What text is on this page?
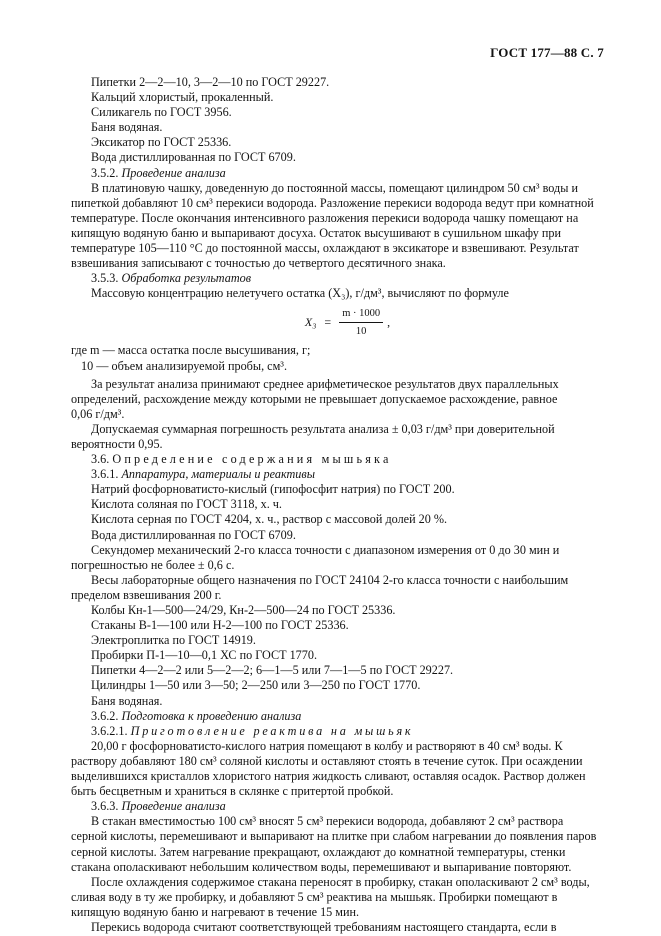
ГОСТ 177—88 С. 7
Пипетки 2—2—10, 3—2—10 по ГОСТ 29227.
Кальций хлористый, прокаленный.
Силикагель по ГОСТ 3956.
Баня водяная.
Эксикатор по ГОСТ 25336.
Вода дистиллированная по ГОСТ 6709.
3.5.2. Проведение анализа
В платиновую чашку, доведенную до постоянной массы, помещают цилиндром 50 см³ воды и
пипеткой добавляют 10 см³ перекиси водорода. Разложение перекиси водорода ведут при комнатной
температуре. После окончания интенсивного разложения перекиси водорода чашку помещают на
кипящую водяную баню и выпаривают досуха. Остаток высушивают в сушильном шкафу при
температуре 105—110 °С до постоянной массы, охлаждают в эксикаторе и взвешивают. Результат
взвешивания записывают с точностью до четвертого десятичного знака.
3.5.3. Обработка результатов
Массовую концентрацию нелетучего остатка (X₃), г/дм³, вычисляют по формуле
$X_3 = \frac{m \cdot 1000}{10}$ ,
где m — масса остатка после высушивания, г;
10 — объем анализируемой пробы, см³.
За результат анализа принимают среднее арифметическое результатов двух параллельных
определений, расхождение между которыми не превышает допускаемое расхождение, равное
0,06 г/дм³.
Допускаемая суммарная погрешность результата анализа ± 0,03 г/дм³ при доверительной
вероятности 0,95.
3.6. Определение содержания мышьяка
3.6.1. Аппаратура, материалы и реактивы
Натрий фосфорноватисто-кислый (гипофосфит натрия) по ГОСТ 200.
Кислота соляная по ГОСТ 3118, х. ч.
Кислота серная по ГОСТ 4204, х. ч., раствор с массовой долей 20 %.
Вода дистиллированная по ГОСТ 6709.
Секундомер механический 2-го класса точности с диапазоном измерения от 0 до 30 мин и
погрешностью не более ± 0,6 с.
Весы лабораторные общего назначения по ГОСТ 24104 2-го класса точности с наибольшим
пределом взвешивания 200 г.
Колбы Кн-1—500—24/29, Кн-2—500—24 по ГОСТ 25336.
Стаканы В-1—100 или Н-2—100 по ГОСТ 25336.
Электроплитка по ГОСТ 14919.
Пробирки П-1—10—0,1 ХС по ГОСТ 1770.
Пипетки 4—2—2 или 5—2—2; 6—1—5 или 7—1—5 по ГОСТ 29227.
Цилиндры 1—50 или 3—50; 2—250 или 3—250 по ГОСТ 1770.
Баня водяная.
3.6.2. Подготовка к проведению анализа
3.6.2.1. Приготовление реактива на мышьяк
20,00 г фосфорноватисто-кислого натрия помещают в колбу и растворяют в 40 см³ воды. К
раствору добавляют 180 см³ соляной кислоты и оставляют стоять в течение суток. При осаждении
выделившихся кристаллов хлористого натрия жидкость сливают, оставляя осадок. Раствор должен
быть бесцветным и храниться в склянке с притертой пробкой.
3.6.3. Проведение анализа
В стакан вместимостью 100 см³ вносят 5 см³ перекиси водорода, добавляют 2 см³ раствора
серной кислоты, перемешивают и выпаривают на плитке при слабом нагревании до появления паров
серной кислоты. Затем нагревание прекращают, охлаждают до комнатной температуры, стенки
стакана ополаскивают небольшим количеством воды, перемешивают и выпаривание повторяют.
После охлаждения содержимое стакана переносят в пробирку, стакан ополаскивают 2 см³ воды,
сливая воду в ту же пробирку, и добавляют 5 см³ реактива на мышьяк. Пробирки помещают в
кипящую водяную баню и нагревают в течение 15 мин.
Перекись водорода считают соответствующей требованиям настоящего стандарта, если в
